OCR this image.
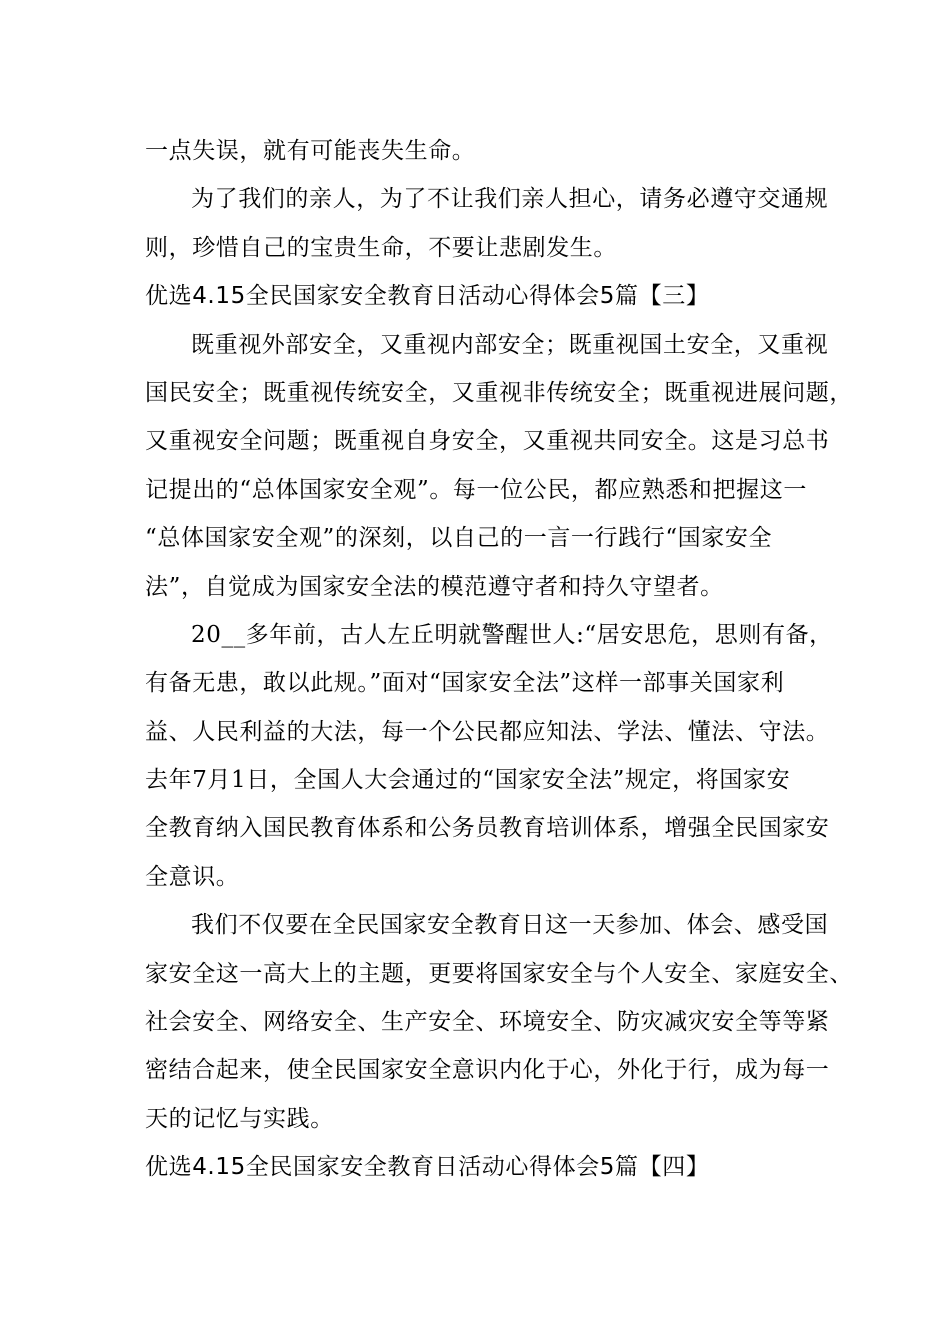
一点失误，就有可能丧失生命。
为了我们的亲人，为了不让我们亲人担心，请务必遵守交通规
则，珍惜自己的宝贵生命，不要让悲剧发生。
优选4.15全民国家安全教育日活动心得体会5篇【三】
既重视外部安全，又重视内部安全；既重视国土安全，又重视
国民安全；既重视传统安全，又重视非传统安全；既重视进展问题，
又重视安全问题；既重视自身安全，又重视共同安全。这是习总书
记提出的“总体国家安全观”。每一位公民，都应熟悉和把握这一
“总体国家安全观”的深刻，以自己的一言一行践行“国家安全
法”，自觉成为国家安全法的模范遵守者和持久守望者。
20__多年前，古人左丘明就警醒世人:“居安思危，思则有备，
有备无患，敢以此规。”面对“国家安全法”这样一部事关国家利
益、人民利益的大法，每一个公民都应知法、学法、懂法、守法。
去年7月1日，全国人大会通过的“国家安全法”规定，将国家安
全教育纳入国民教育体系和公务员教育培训体系，增强全民国家安
全意识。
我们不仅要在全民国家安全教育日这一天参加、体会、感受国
家安全这一高大上的主题，更要将国家安全与个人安全、家庭安全、
社会安全、网络安全、生产安全、环境安全、防灾减灾安全等等紧
密结合起来，使全民国家安全意识内化于心，外化于行，成为每一
天的记忆与实践。
优选4.15全民国家安全教育日活动心得体会5篇【四】
